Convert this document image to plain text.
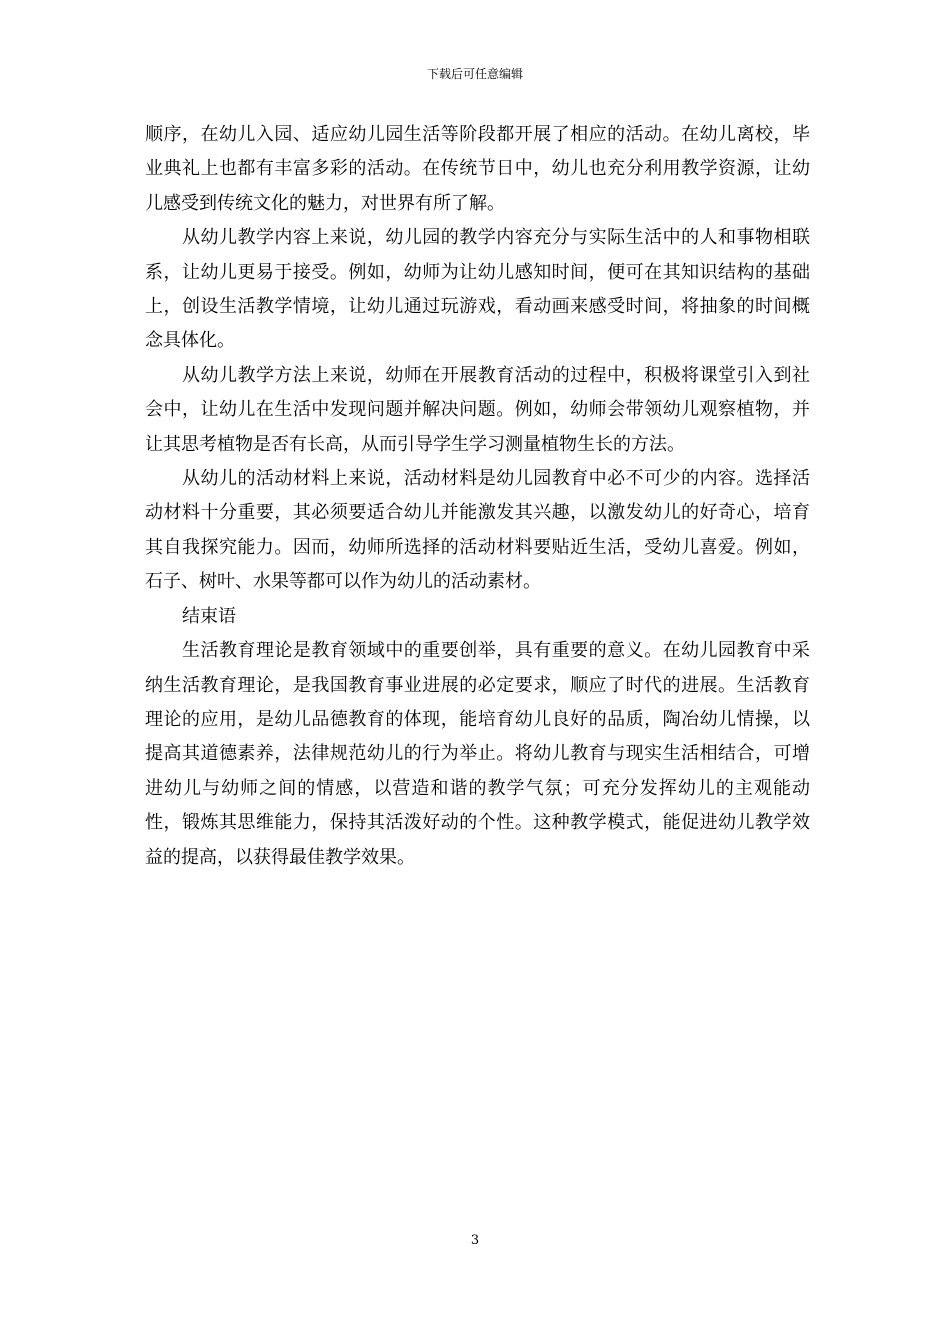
下载后可任意编辑

顺序，在幼儿入园、适应幼儿园生活等阶段都开展了相应的活动。在幼儿离校，毕业典礼上也都有丰富多彩的活动。在传统节日中，幼儿也充分利用教学资源，让幼儿感受到传统文化的魅力，对世界有所了解。

从幼儿教学内容上来说，幼儿园的教学内容充分与实际生活中的人和事物相联系，让幼儿更易于接受。例如，幼师为让幼儿感知时间，便可在其知识结构的基础上，创设生活教学情境，让幼儿通过玩游戏，看动画来感受时间，将抽象的时间概念具体化。

从幼儿教学方法上来说，幼师在开展教育活动的过程中，积极将课堂引入到社会中，让幼儿在生活中发现问题并解决问题。例如，幼师会带领幼儿观察植物，并让其思考植物是否有长高，从而引导学生学习测量植物生长的方法。

从幼儿的活动材料上来说，活动材料是幼儿园教育中必不可少的内容。选择活动材料十分重要，其必须要适合幼儿并能激发其兴趣，以激发幼儿的好奇心，培育其自我探究能力。因而，幼师所选择的活动材料要贴近生活，受幼儿喜爱。例如，石子、树叶、水果等都可以作为幼儿的活动素材。

结束语

生活教育理论是教育领域中的重要创举，具有重要的意义。在幼儿园教育中采纳生活教育理论，是我国教育事业进展的必定要求，顺应了时代的进展。生活教育理论的应用，是幼儿品德教育的体现，能培育幼儿良好的品质，陶冶幼儿情操，以提高其道德素养，法律规范幼儿的行为举止。将幼儿教育与现实生活相结合，可增进幼儿与幼师之间的情感，以营造和谐的教学气氛；可充分发挥幼儿的主观能动性，锻炼其思维能力，保持其活泼好动的个性。这种教学模式，能促进幼儿教学效益的提高，以获得最佳教学效果。

3
